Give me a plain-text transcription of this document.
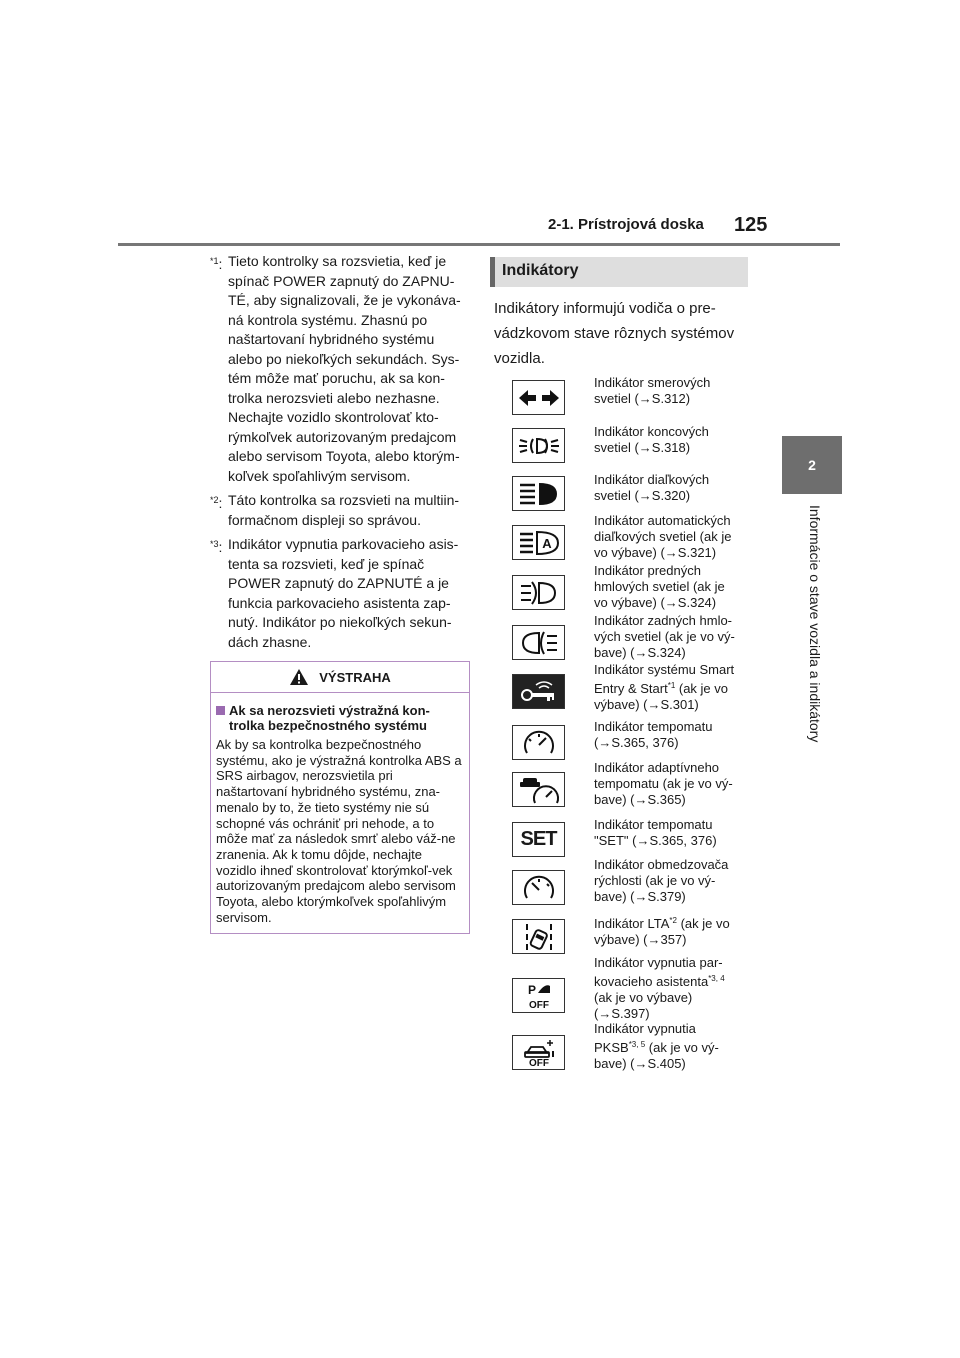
2-1. Prístrojová doska 125
2
Informácie o stave vozidla a indikátory
$^{*1}$: Tieto kontrolky sa rozsvietia, keď je spínač POWER zapnutý do ZAPNU-TÉ, aby signalizovali, že je vykonáva-ná kontrola systému. Zhasnú po naštartovaní hybridného systému alebo po niekoľkých sekundách. Sys-tém môže mať poruchu, ak sa kon-trolka nerozsvieti alebo nezhasne. Nechajte vozidlo skontrolovať kto-rýmkoľvek autorizovaným predajcom alebo servisom Toyota, alebo ktorým-koľvek spoľahlivým servisom.
$^{*2}$: Táto kontrolka sa rozsvieti na multiin-formačnom displeji so správou.
$^{*3}$: Indikátor vypnutia parkovacieho asis-tenta sa rozsvieti, keď je spínač POWER zapnutý do ZAPNUTÉ a je funkcia parkovacieho asistenta zap-nutý. Indikátor po niekoľkých sekun-dách zhasne.
VÝSTRAHA
Ak sa nerozsvieti výstražná kon-trolka bezpečnostného systému
Ak by sa kontrolka bezpečnostného systému, ako je výstražná kontrolka ABS a SRS airbagov, nerozsvietila pri naštartovaní hybridného systému, zna-menalo by to, že tieto systémy nie sú schopné vás ochrániť pri nehode, a to môže mať za následok smrť alebo váž-ne zranenia. Ak k tomu dôjde, nechajte vozidlo ihneď skontrolovať ktorýmkoľ-vek autorizovaným predajcom alebo servisom Toyota, alebo ktorýmkoľvek spoľahlivým servisom.
Indikátory
Indikátory informujú vodiča o pre-vádzkovom stave rôznych systémov vozidla.
Indikátor smerových
svetiel (→S.312)
Indikátor koncových
svetiel (→S.318)
Indikátor diaľkových
svetiel (→S.320)
A
Indikátor automatických
diaľkových svetiel (ak je
vo výbave) (→S.321)
Indikátor predných
hmlových svetiel (ak je
vo výbave) (→S.324)
Indikátor zadných hmlo-
vých svetiel (ak je vo vý-
bave) (→S.324)
Indikátor systému Smart
Entry & Start$^{*1}$ (ak je vo
výbave) (→S.301)
Indikátor tempomatu
(→S.365, 376)
Indikátor adaptívneho
tempomatu (ak je vo vý-
bave) (→S.365)
SET
Indikátor tempomatu
"SET" (→S.365, 376)
Indikátor obmedzovača
rýchlosti (ak je vo vý-
bave) (→S.379)
Indikátor LTA$^{*2}$ (ak je vo
výbave) (→357)
P
OFF
Indikátor vypnutia par-
kovacieho asistenta$^{*3, 4}$
(ak je vo výbave)
(→S.397)
OFF
Indikátor vypnutia
PKSB$^{*3, 5}$ (ak je vo vý-
bave) (→S.405)
